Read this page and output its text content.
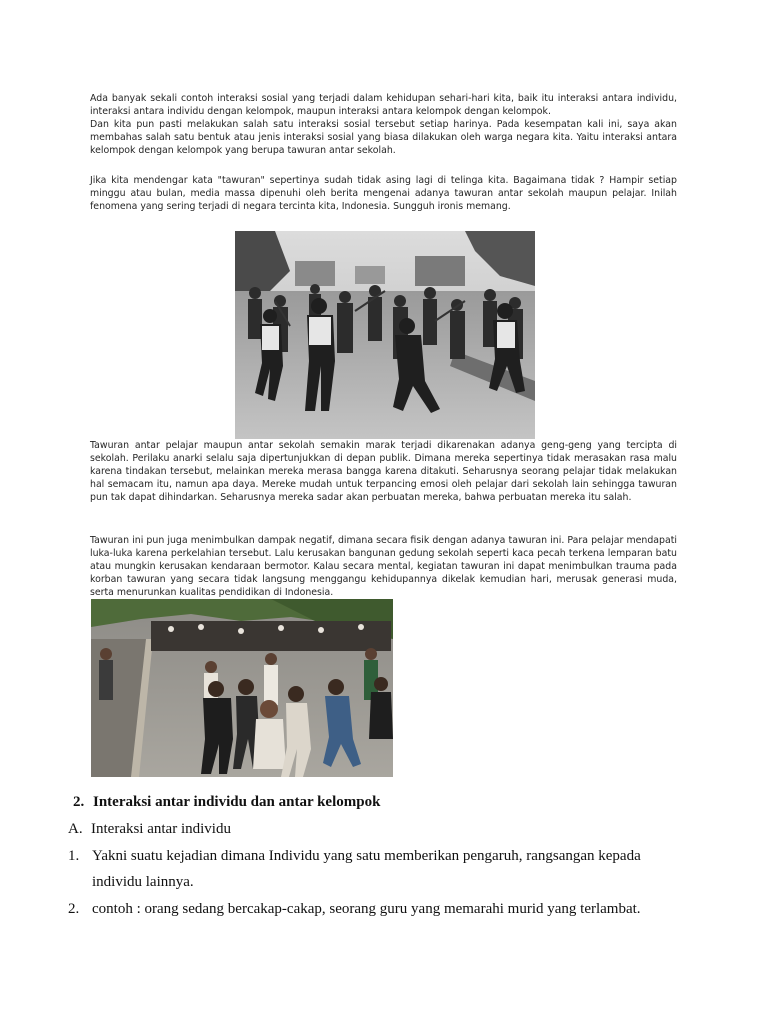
Ada banyak sekali contoh interaksi sosial yang terjadi dalam kehidupan sehari-hari kita, baik itu interaksi antara individu, interaksi antara individu dengan kelompok, maupun interaksi antara kelompok dengan kelompok.
Dan kita pun pasti melakukan salah satu interaksi sosial tersebut setiap harinya. Pada kesempatan kali ini, saya akan membahas salah satu bentuk atau jenis interaksi sosial yang biasa dilakukan oleh warga negara kita. Yaitu interaksi antara kelompok dengan kelompok yang berupa tawuran antar sekolah.

Jika kita mendengar kata "tawuran" sepertinya sudah tidak asing lagi di telinga kita. Bagaimana tidak ? Hampir setiap minggu atau bulan, media massa dipenuhi oleh berita mengenai adanya tawuran antar sekolah maupun pelajar. Inilah fenomena yang sering terjadi di negara tercinta kita, Indonesia. Sungguh ironis memang.

Tawuran antar pelajar maupun antar sekolah semakin marak terjadi dikarenakan adanya geng-geng yang tercipta di sekolah. Perilaku anarki selalu saja dipertunjukkan di depan publik. Dimana mereka sepertinya tidak merasakan rasa malu karena tindakan tersebut, melainkan mereka merasa bangga karena ditakuti. Seharusnya seorang pelajar tidak melakukan hal semacam itu, namun apa daya. Mereke mudah untuk terpancing emosi oleh pelajar dari sekolah lain sehingga tawuran pun tak dapat dihindarkan. Seharusnya mereka sadar akan perbuatan mereka, bahwa perbuatan mereka itu salah.

Tawuran ini pun juga menimbulkan dampak negatif, dimana secara fisik dengan adanya tawuran ini. Para pelajar mendapati luka-luka karena perkelahian tersebut. Lalu kerusakan bangunan gedung sekolah seperti kaca pecah terkena lemparan batu atau mungkin kerusakan kendaraan bermotor. Kalau secara mental, kegiatan tawuran ini dapat menimbulkan trauma pada korban tawuran yang secara tidak langsung menggangu kehidupannya dikelak kemudian hari, merusak generasi muda, serta menurunkan kualitas pendidikan di Indonesia.

2. Interaksi antar individu dan antar kelompok

A. Interaksi antar individu

1. Yakni suatu kejadian dimana Individu yang satu memberikan pengaruh, rangsangan kepada

individu lainnya.

2. contoh : orang sedang bercakap-cakap, seorang guru yang memarahi murid yang terlambat.
